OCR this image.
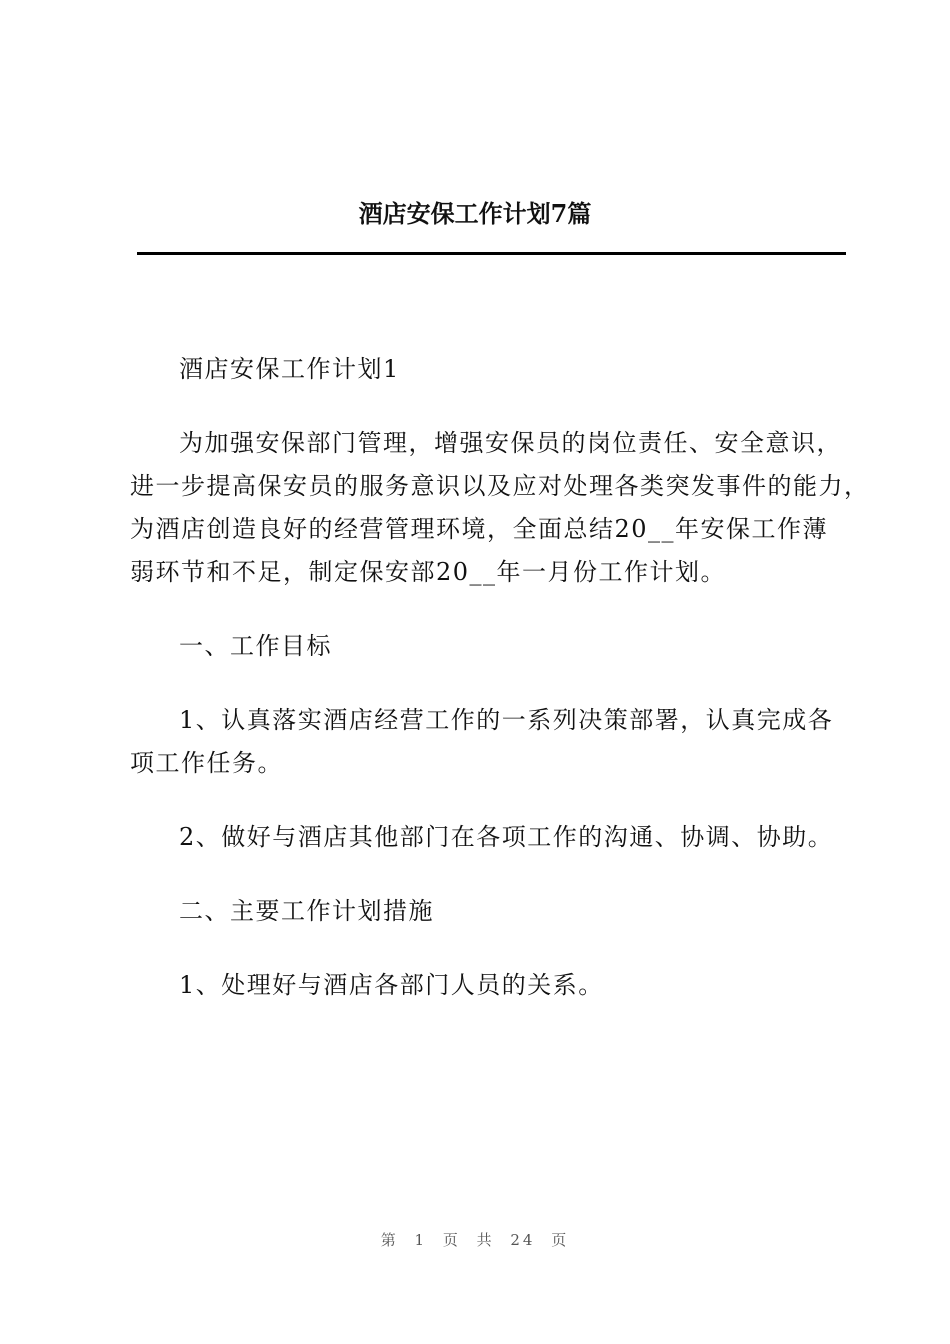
酒店安保工作计划7篇

酒店安保工作计划1

为加强安保部门管理，增强安保员的岗位责任、安全意识，
进一步提高保安员的服务意识以及应对处理各类突发事件的能力，
为酒店创造良好的经营管理环境，全面总结20__年安保工作薄
弱环节和不足，制定保安部20__年一月份工作计划。

一、工作目标

1、认真落实酒店经营工作的一系列决策部署，认真完成各
项工作任务。

2、做好与酒店其他部门在各项工作的沟通、协调、协助。

二、主要工作计划措施

1、处理好与酒店各部门人员的关系。

第 1 页 共 24 页
